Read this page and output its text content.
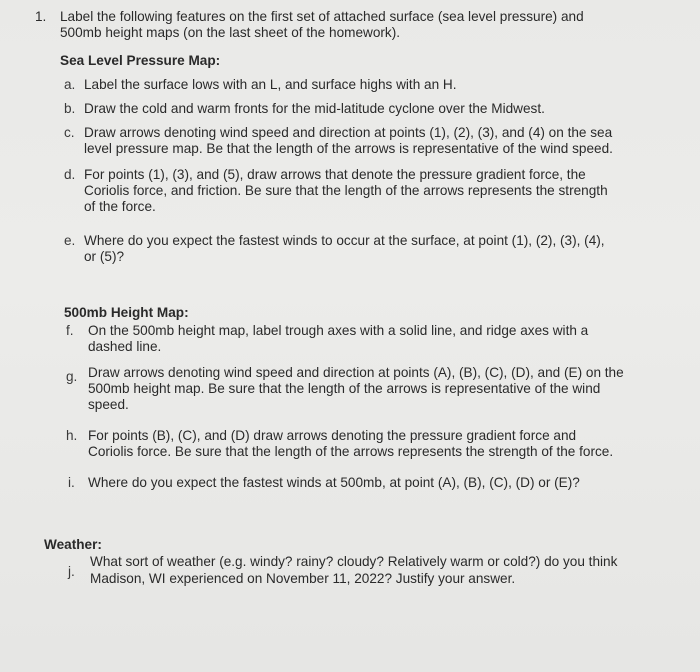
1. Label the following features on the first set of attached surface (sea level pressure) and
500mb height maps (on the last sheet of the homework).
Sea Level Pressure Map:
a. Label the surface lows with an L, and surface highs with an H.
b. Draw the cold and warm fronts for the mid-latitude cyclone over the Midwest.
c. Draw arrows denoting wind speed and direction at points (1), (2), (3), and (4) on the sea
level pressure map. Be that the length of the arrows is representative of the wind speed.
d. For points (1), (3), and (5), draw arrows that denote the pressure gradient force, the
Coriolis force, and friction. Be sure that the length of the arrows represents the strength
of the force.
e. Where do you expect the fastest winds to occur at the surface, at point (1), (2), (3), (4),
or (5)?
500mb Height Map:
f. On the 500mb height map, label trough axes with a solid line, and ridge axes with a
dashed line.
g. Draw arrows denoting wind speed and direction at points (A), (B), (C), (D), and (E) on the
500mb height map. Be sure that the length of the arrows is representative of the wind
speed.
h. For points (B), (C), and (D) draw arrows denoting the pressure gradient force and
Coriolis force. Be sure that the length of the arrows represents the strength of the force.
i. Where do you expect the fastest winds at 500mb, at point (A), (B), (C), (D) or (E)?
Weather:
j.
What sort of weather (e.g. windy? rainy? cloudy? Relatively warm or cold?) do you think
Madison, WI experienced on November 11, 2022? Justify your answer.
